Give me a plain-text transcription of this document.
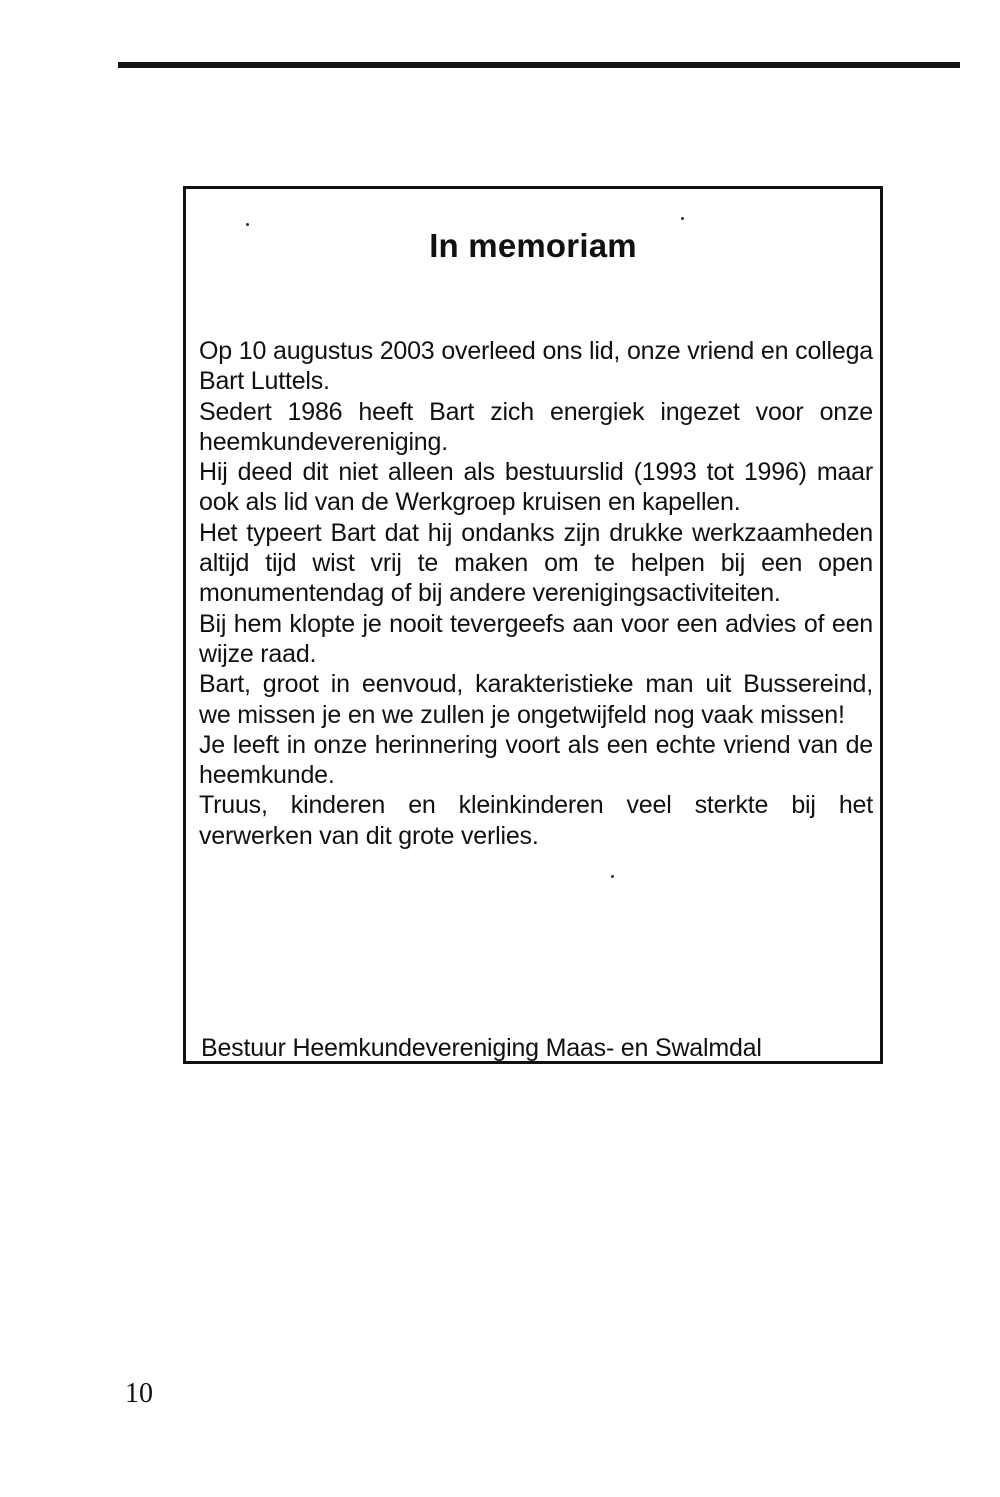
In memoriam

Op 10 augustus 2003 overleed ons lid, onze vriend en collega Bart Luttels.

Sedert 1986 heeft Bart zich energiek ingezet voor onze heemkundevereniging.

Hij deed dit niet alleen als bestuurslid (1993 tot 1996) maar ook als lid van de Werkgroep kruisen en kapellen.

Het typeert Bart dat hij ondanks zijn drukke werkzaamheden altijd tijd wist vrij te maken om te helpen bij een open monumentendag of bij andere verenigingsactiviteiten.

Bij hem klopte je nooit tevergeefs aan voor een advies of een wijze raad.

Bart, groot in eenvoud, karakteristieke man uit Bussereind, we missen je en we zullen je ongetwijfeld nog vaak missen!

Je leeft in onze herinnering voort als een echte vriend van de heemkunde.

Truus, kinderen en kleinkinderen veel sterkte bij het verwerken van dit grote verlies.

Bestuur Heemkundevereniging Maas- en Swalmdal
10
